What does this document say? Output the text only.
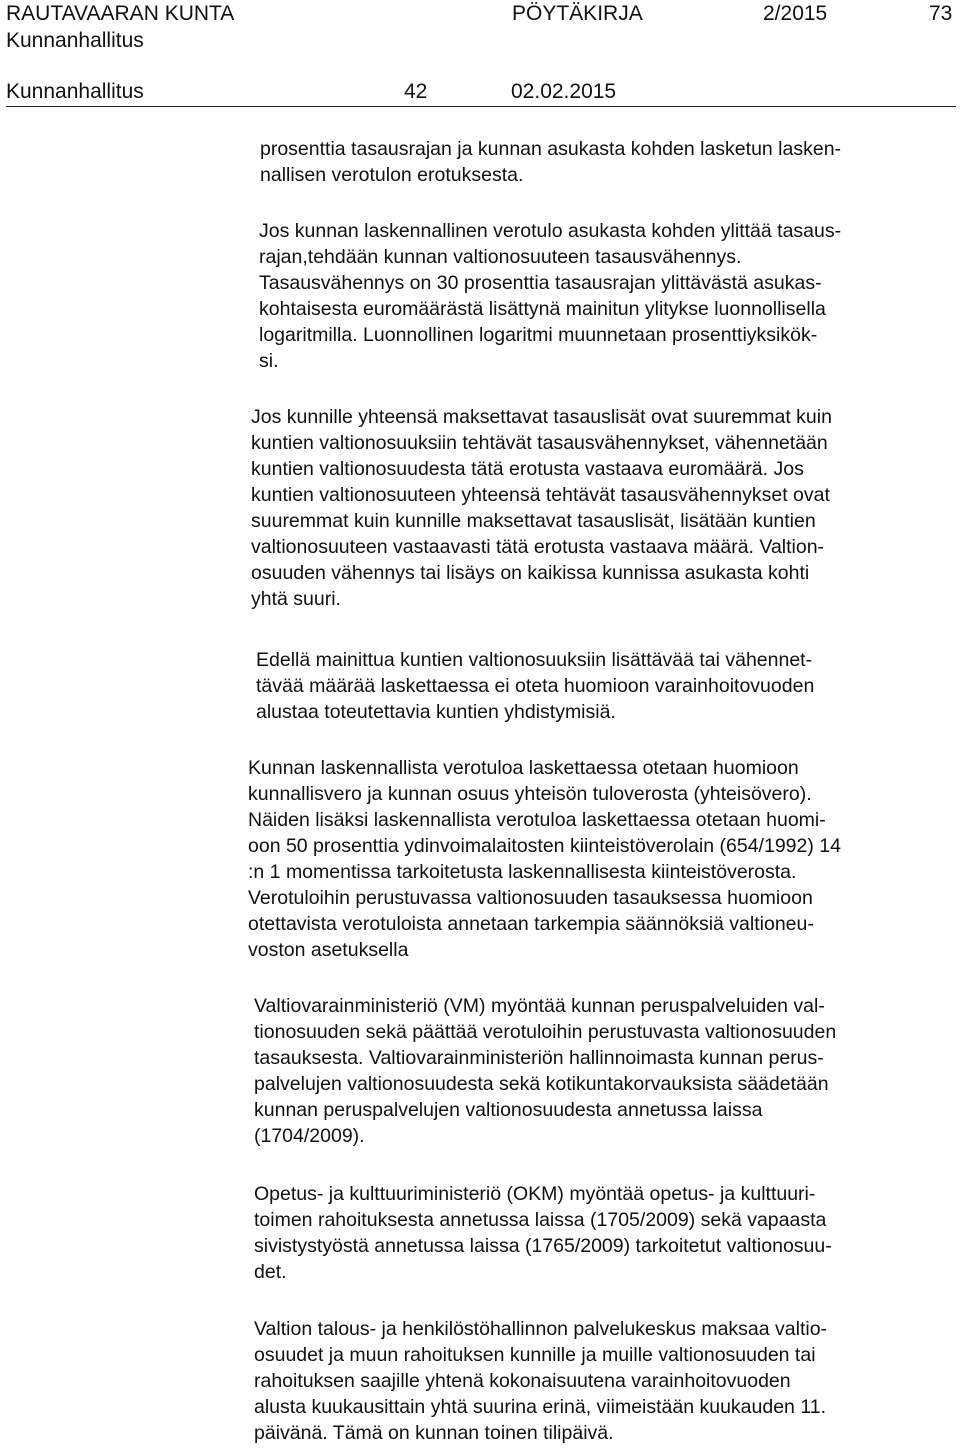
RAUTAVAARAN KUNTA	PÖYTÄKIRJA	2/2015	73
Kunnanhallitus
Kunnanhallitus	42	02.02.2015
prosenttia tasausrajan ja kunnan asukasta kohden lasketun lasken-
nallisen verotulon erotuksesta.
Jos kunnan laskennallinen verotulo asukasta kohden ylittää tasaus-
rajan,tehdään kunnan valtionosuuteen tasausvähennys.
Tasausvähennys on 30 prosenttia tasausrajan ylittävästä asukas-
kohtaisesta euromäärästä lisättynä mainitun ylitykse luonnollisella
logaritmilla. Luonnollinen logaritmi muunnetaan prosenttiyksikök-
si.
Jos kunnille yhteensä maksettavat tasauslisät ovat suuremmat kuin
kuntien valtionosuuksiin tehtävät tasausvähennykset, vähennetään
kuntien valtionosuudesta tätä erotusta vastaava euromäärä. Jos
kuntien valtionosuuteen yhteensä tehtävät tasausvähennykset ovat
suuremmat kuin kunnille maksettavat tasauslisät, lisätään kuntien
valtionosuuteen vastaavasti tätä erotusta vastaava määrä. Valtion-
osuuden vähennys tai lisäys on kaikissa kunnissa asukasta kohti
yhtä suuri.
Edellä mainittua kuntien valtionosuuksiin lisättävää tai vähennet-
tävää määrää laskettaessa ei oteta huomioon varainhoitovuoden
alustaa toteutettavia kuntien yhdistymisiä.
Kunnan laskennallista verotuloa laskettaessa otetaan huomioon
kunnallisvero ja kunnan osuus yhteisön tuloverosta (yhteisövero).
Näiden lisäksi laskennallista verotuloa laskettaessa otetaan huomi-
oon 50 prosenttia ydinvoimalaitosten kiinteistöverolain (654/1992) 14
:n 1 momentissa tarkoitetusta laskennallisesta kiinteistöverosta.
Verotuloihin perustuvassa valtionosuuden tasauksessa huomioon
otettavista verotuloista annetaan tarkempia säännöksiä valtioneu-
voston asetuksella
Valtiovarainministeriö (VM) myöntää kunnan peruspalveluiden val-
tionosuuden sekä päättää verotuloihin perustuvasta valtionosuuden
tasauksesta. Valtiovarainministeriön hallinnoimasta kunnan perus-
palvelujen valtionosuudesta sekä kotikuntakorvauksista säädetään
kunnan peruspalvelujen valtionosuudesta annetussa laissa
(1704/2009).
Opetus- ja kulttuuriministeriö (OKM) myöntää opetus- ja kulttuuri-
toimen rahoituksesta annetussa laissa (1705/2009) sekä vapaasta
sivistystyöstä annetussa laissa (1765/2009) tarkoitetut valtionosuu-
det.
Valtion talous- ja henkilöstöhallinnon palvelukeskus maksaa valtio-
osuudet ja muun rahoituksen kunnille ja muille valtionosuuden tai
rahoituksen saajille yhtenä kokonaisuutena varainhoitovuoden
alusta kuukausittain yhtä suurina erinä, viimeistään kuukauden 11.
päivänä. Tämä on kunnan toinen tilipäivä.
